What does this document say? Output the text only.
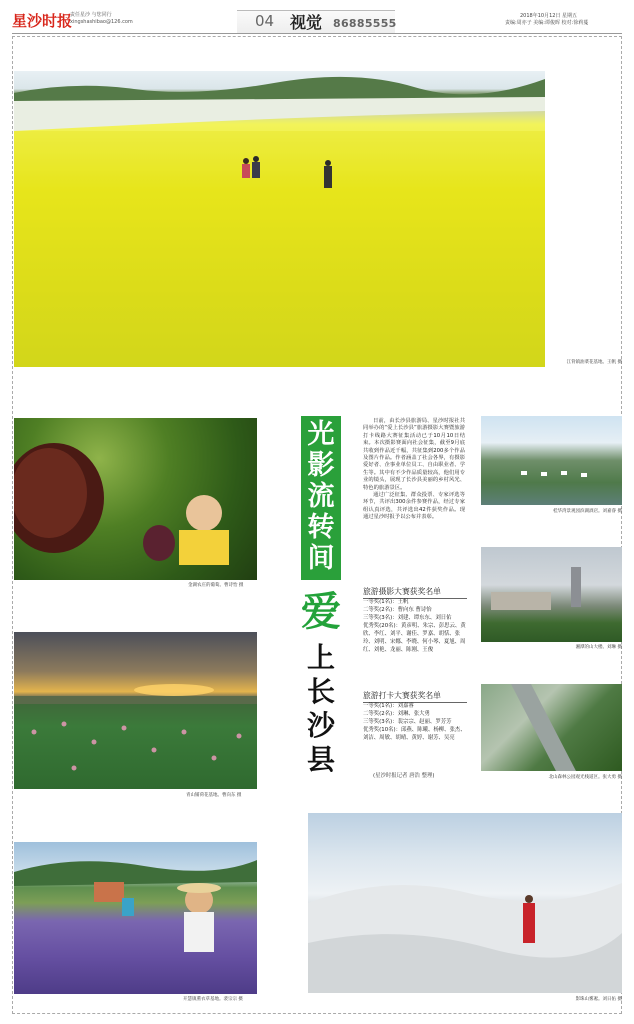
星沙时报
责任星沙 与您同行
xingshashibao@126.com	04 视觉 86885555
2018年10月12日 星期五
责编:周亦子 美编:谭俊晖 校对:徐莉蔓
江背镇油菜花基地。王帆 摄
金湖农庄的葡萄。曹诗怡 摄
青山铺荷花基地。曹向东 摄
开慧镇熏衣草基地。裴宗宗 摄
桂华湾景观园滨湖酒店。刘嘉睿 摄
湘潭的山大楼。刘琳 摄
北山森林公园观光栈道区。张大勇 摄
影珠山雾凇。刘日佑 摄
光
影
流
转
间
爱
上
长
沙
县

日前，由长沙县旅游局、星沙时报社共同举办的“爱上长沙县”旅游摄影大赛暨旅游打卡线路大赛征集活动已于10月10日结束。本次摄影赛面向社会征集，截至9月底共收到作品近千幅，共征集到200多个作品及图片作品。作者涵盖了社会各界，有摄影爱好者、企事业单位员工、自由职业者、学生等。其中有不少作品质量较高，他们用专业的镜头，展现了长沙县美丽的乡村风光、特色的旅游景区。

通过广泛征集、群众投票、专家评选等环节，共评出300余件参赛作品，经过专家组认真评选，共评选出42件获奖作品。现通过星沙时报予以公布并表彰。

旅游摄影大赛获奖名单

一等奖(1名)：王帆

二等奖(2名)：曹向东 曹诗怡

三等奖(3名)：刘建、谭东东、刘日佑

优秀奖(20名)：黄彦明、朱宗、彭思云、黄欣、李红、刘平、谢佳、罗嘉、胡恬、张玲、刘明、宋娜、李晓、何小琴、夏旭、周红、刘艳、龙丽、陈刚、王俊

旅游打卡大赛获奖名单

一等奖(1名)：刘嘉睿

二等奖(2名)：刘琳、张大勇

三等奖(3名)：裴宗宗、赵丽、罗芳芳

优秀奖(10名)：邱燕、陈曦、杨柳、张杰、刘洁、周敏、胡晴、黄婷、谢芳、吴亮

(星沙时报记者 唐浩 整理)
